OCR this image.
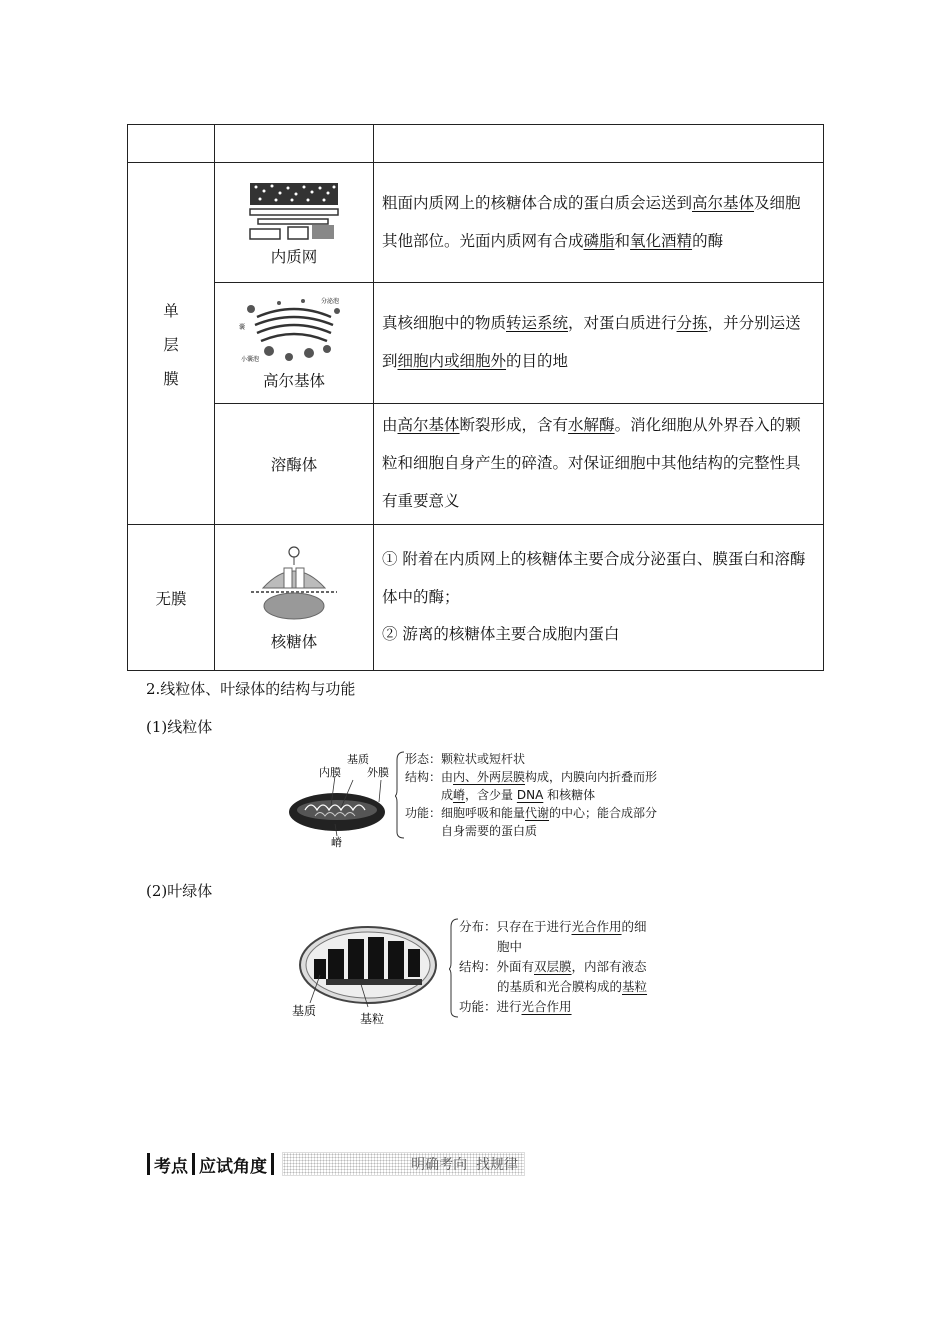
单
层
膜	内质网	粗面内质网上的核糖体合成的蛋白质会运送到高尔基体及细胞其他部位。光面内质网有合成磷脂和氧化酒精的酶

分泌泡
囊
小囊泡
高尔基体	真核细胞中的物质转运系统，对蛋白质进行分拣，并分别运送到细胞内或细胞外的目的地

	溶酶体	由高尔基体断裂形成，含有水解酶。消化细胞从外界吞入的颗粒和细胞自身产生的碎渣。对保证细胞中其他结构的完整性具有重要意义
无膜	核糖体	① 附着在内质网上的核糖体主要合成分泌蛋白、膜蛋白和溶酶体中的酶；
② 游离的核糖体主要合成胞内蛋白
2.线粒体、叶绿体的结构与功能
(1)线粒体
内膜
基质
外膜
嵴
形态：颗粒状或短杆状
结构：由内、外两层膜构成，内膜向内折叠而形
成嵴，含少量 DNA 和核糖体
功能：细胞呼吸和能量代谢的中心；能合成部分
自身需要的蛋白质
(2)叶绿体
基质
基粒
分布：只存在于进行光合作用的细
胞中
结构：外面有双层膜，内部有液态
的基质和光合膜构成的基粒
功能：进行光合作用
考点 应试角度	明确考向  找规律
